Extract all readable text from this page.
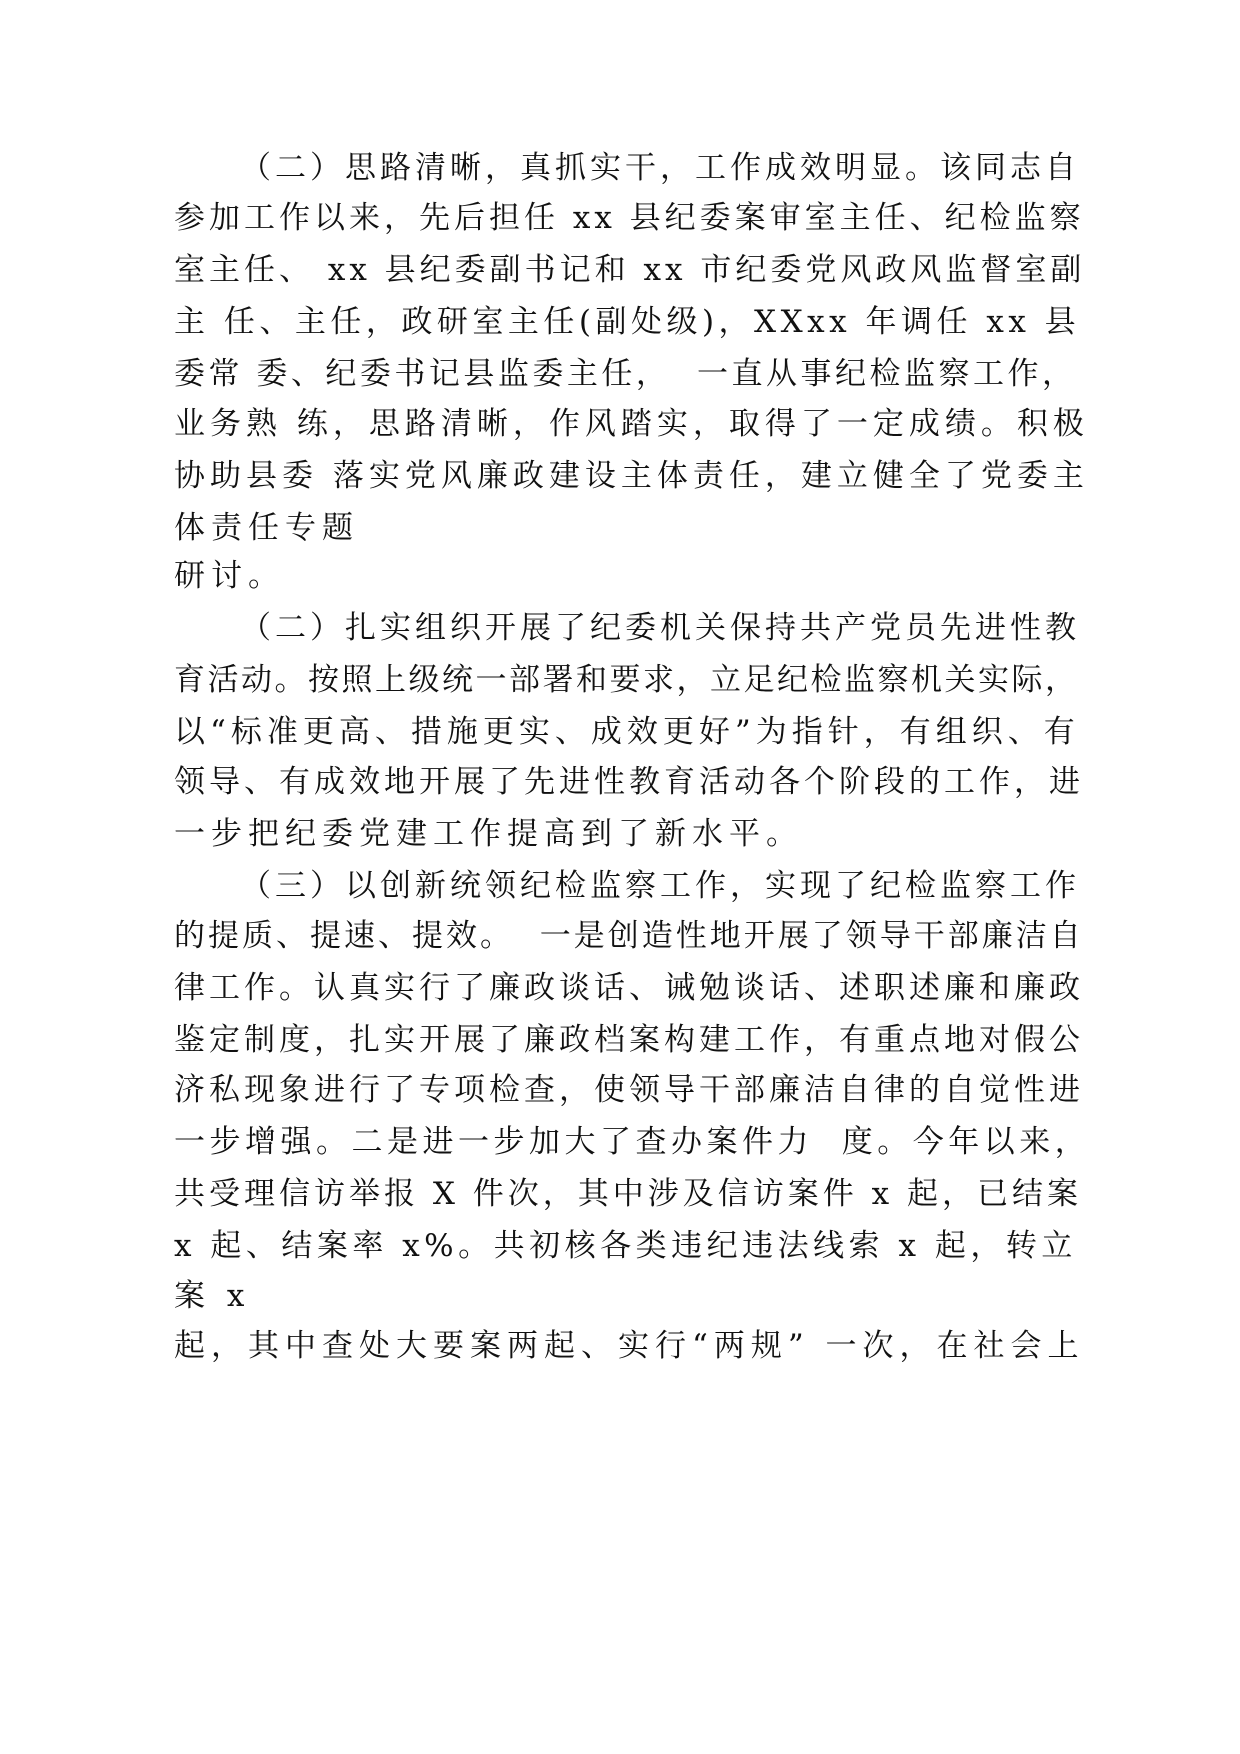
（二）思路清晰，真抓实干，工作成效明显。该同志自

参加工作以来，先后担任 xx 县纪委案审室主任、纪检监察

室主任、 xx 县纪委副书记和 xx 市纪委党风政风监督室副

主 任、主任，政研室主任(副处级)，XXxx 年调任 xx 县

委常 委、纪委书记县监委主任，  一直从事纪检监察工作，

业务熟 练，思路清晰，作风踏实，取得了一定成绩。积极

协助县委 落实党风廉政建设主体责任，建立健全了党委主

体责任专题

研讨。

（二）扎实组织开展了纪委机关保持共产党员先进性教

育活动。按照上级统一部署和要求，立足纪检监察机关实际，

以“标准更高、措施更实、成效更好”为指针，有组织、有

领导、有成效地开展了先进性教育活动各个阶段的工作，进

一步把纪委党建工作提高到了新水平。

（三）以创新统领纪检监察工作，实现了纪检监察工作

的提质、提速、提效。  一是创造性地开展了领导干部廉洁自

律工作。认真实行了廉政谈话、诫勉谈话、述职述廉和廉政

鉴定制度，扎实开展了廉政档案构建工作，有重点地对假公

济私现象进行了专项检查，使领导干部廉洁自律的自觉性进

一步增强。二是进一步加大了查办案件力  度。今年以来，

共受理信访举报 X 件次，其中涉及信访案件 x 起，已结案

x 起、结案率 x%。共初核各类违纪违法线索 x 起，转立

案 x

起，其中查处大要案两起、实行“两规” 一次，在社会上
